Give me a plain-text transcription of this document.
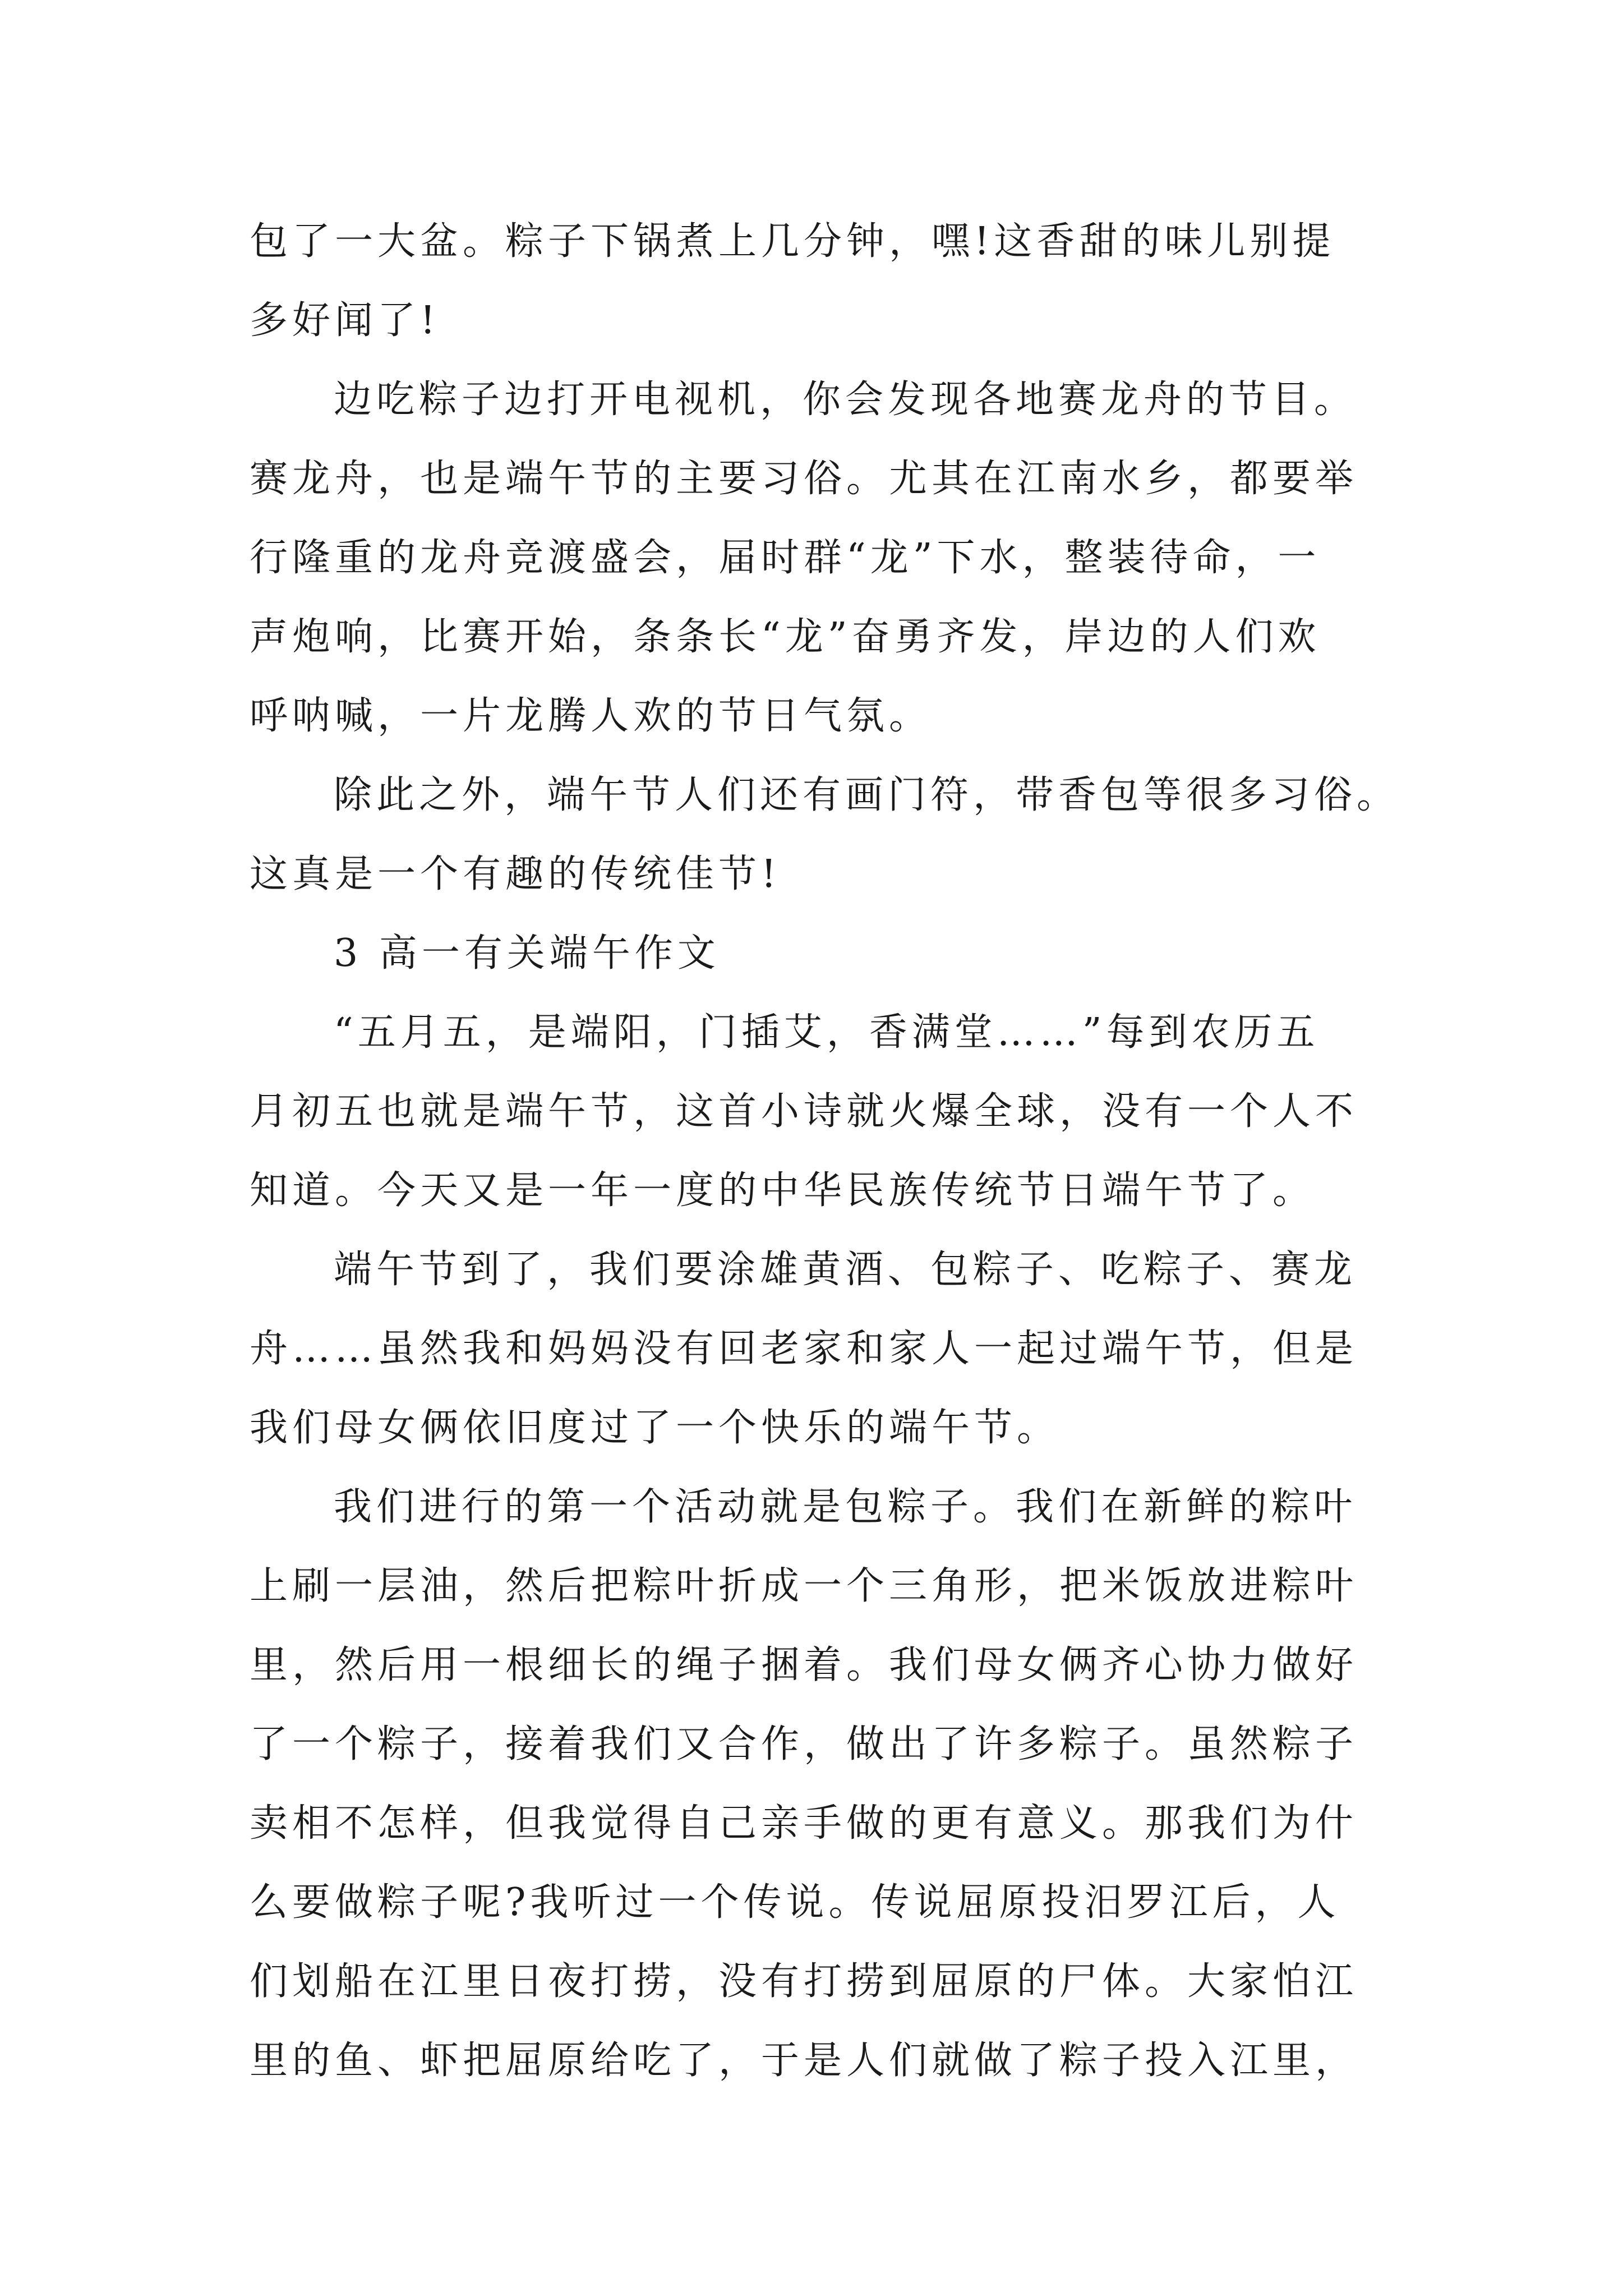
包了一大盆。粽子下锅煮上几分钟，嘿!这香甜的味儿别提
多好闻了!
边吃粽子边打开电视机，你会发现各地赛龙舟的节目。
赛龙舟，也是端午节的主要习俗。尤其在江南水乡，都要举
行隆重的龙舟竞渡盛会，届时群“龙”下水，整装待命，一
声炮响，比赛开始，条条长“龙”奋勇齐发，岸边的人们欢
呼呐喊，一片龙腾人欢的节日气氛。
除此之外，端午节人们还有画门符，带香包等很多习俗。
这真是一个有趣的传统佳节!
3 高一有关端午作文
“五月五，是端阳，门插艾，香满堂……”每到农历五
月初五也就是端午节，这首小诗就火爆全球，没有一个人不
知道。今天又是一年一度的中华民族传统节日端午节了。
端午节到了，我们要涂雄黄酒、包粽子、吃粽子、赛龙
舟……虽然我和妈妈没有回老家和家人一起过端午节，但是
我们母女俩依旧度过了一个快乐的端午节。
我们进行的第一个活动就是包粽子。我们在新鲜的粽叶
上刷一层油，然后把粽叶折成一个三角形，把米饭放进粽叶
里，然后用一根细长的绳子捆着。我们母女俩齐心协力做好
了一个粽子，接着我们又合作，做出了许多粽子。虽然粽子
卖相不怎样，但我觉得自己亲手做的更有意义。那我们为什
么要做粽子呢?我听过一个传说。传说屈原投汨罗江后，人
们划船在江里日夜打捞，没有打捞到屈原的尸体。大家怕江
里的鱼、虾把屈原给吃了，于是人们就做了粽子投入江里，
